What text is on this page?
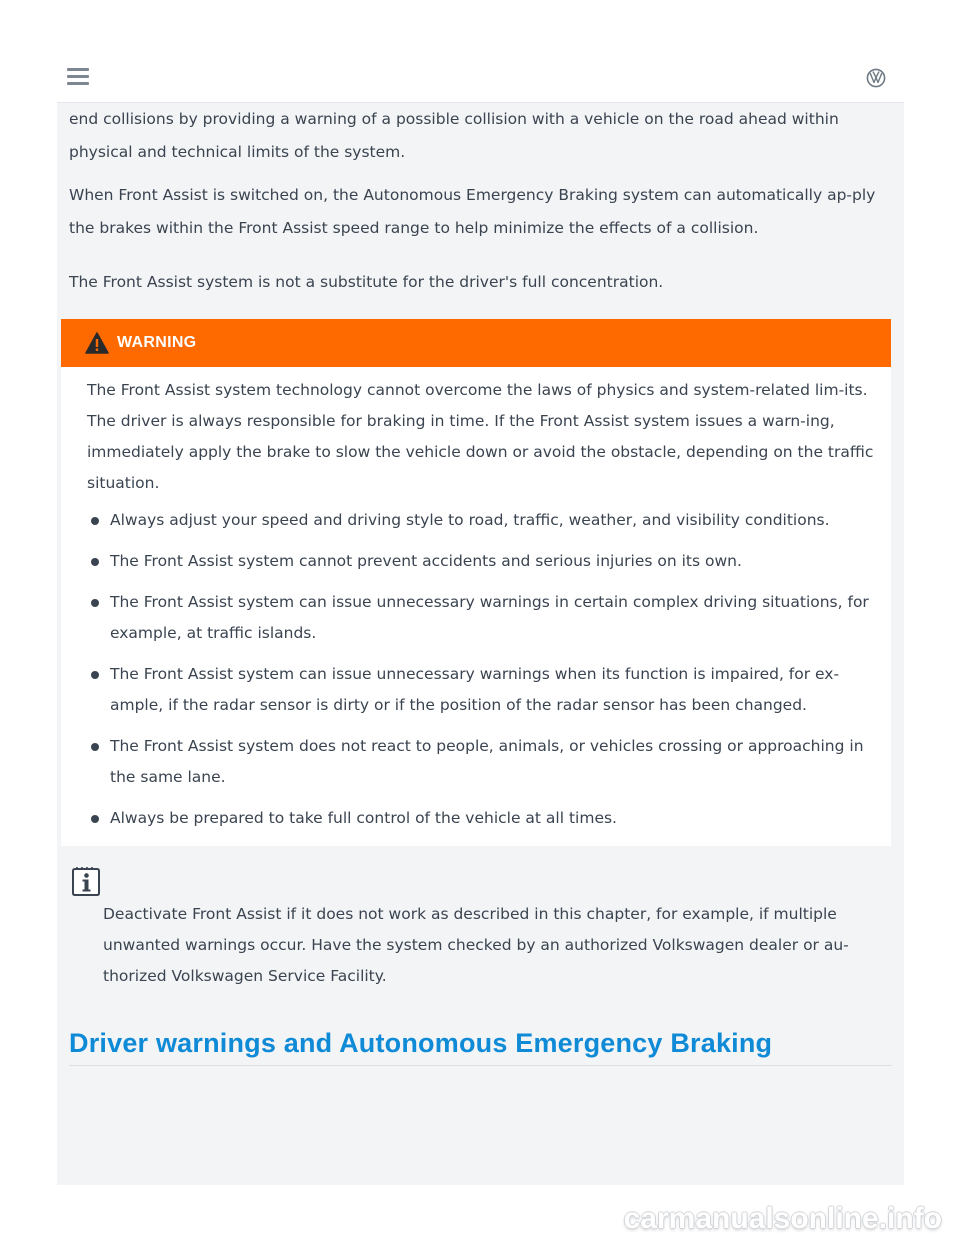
end collisions by providing a warning of a possible collision with a vehicle on the road ahead within physical and technical limits of the system.

When Front Assist is switched on, the Autonomous Emergency Braking system can automatically ap-ply the brakes within the Front Assist speed range to help minimize the effects of a collision.

The Front Assist system is not a substitute for the driver's full concentration.

WARNING

The Front Assist system technology cannot overcome the laws of physics and system-related lim-its. The driver is always responsible for braking in time. If the Front Assist system issues a warn-ing, immediately apply the brake to slow the vehicle down or avoid the obstacle, depending on the traffic situation.

Always adjust your speed and driving style to road, traffic, weather, and visibility conditions.
The Front Assist system cannot prevent accidents and serious injuries on its own.
The Front Assist system can issue unnecessary warnings in certain complex driving situations, for example, at traffic islands.
The Front Assist system can issue unnecessary warnings when its function is impaired, for ex-ample, if the radar sensor is dirty or if the position of the radar sensor has been changed.
The Front Assist system does not react to people, animals, or vehicles crossing or approaching in the same lane.
Always be prepared to take full control of the vehicle at all times.

Deactivate Front Assist if it does not work as described in this chapter, for example, if multiple unwanted warnings occur. Have the system checked by an authorized Volkswagen dealer or au-thorized Volkswagen Service Facility.

Driver warnings and Autonomous Emergency Braking
carmanualsonline.info
